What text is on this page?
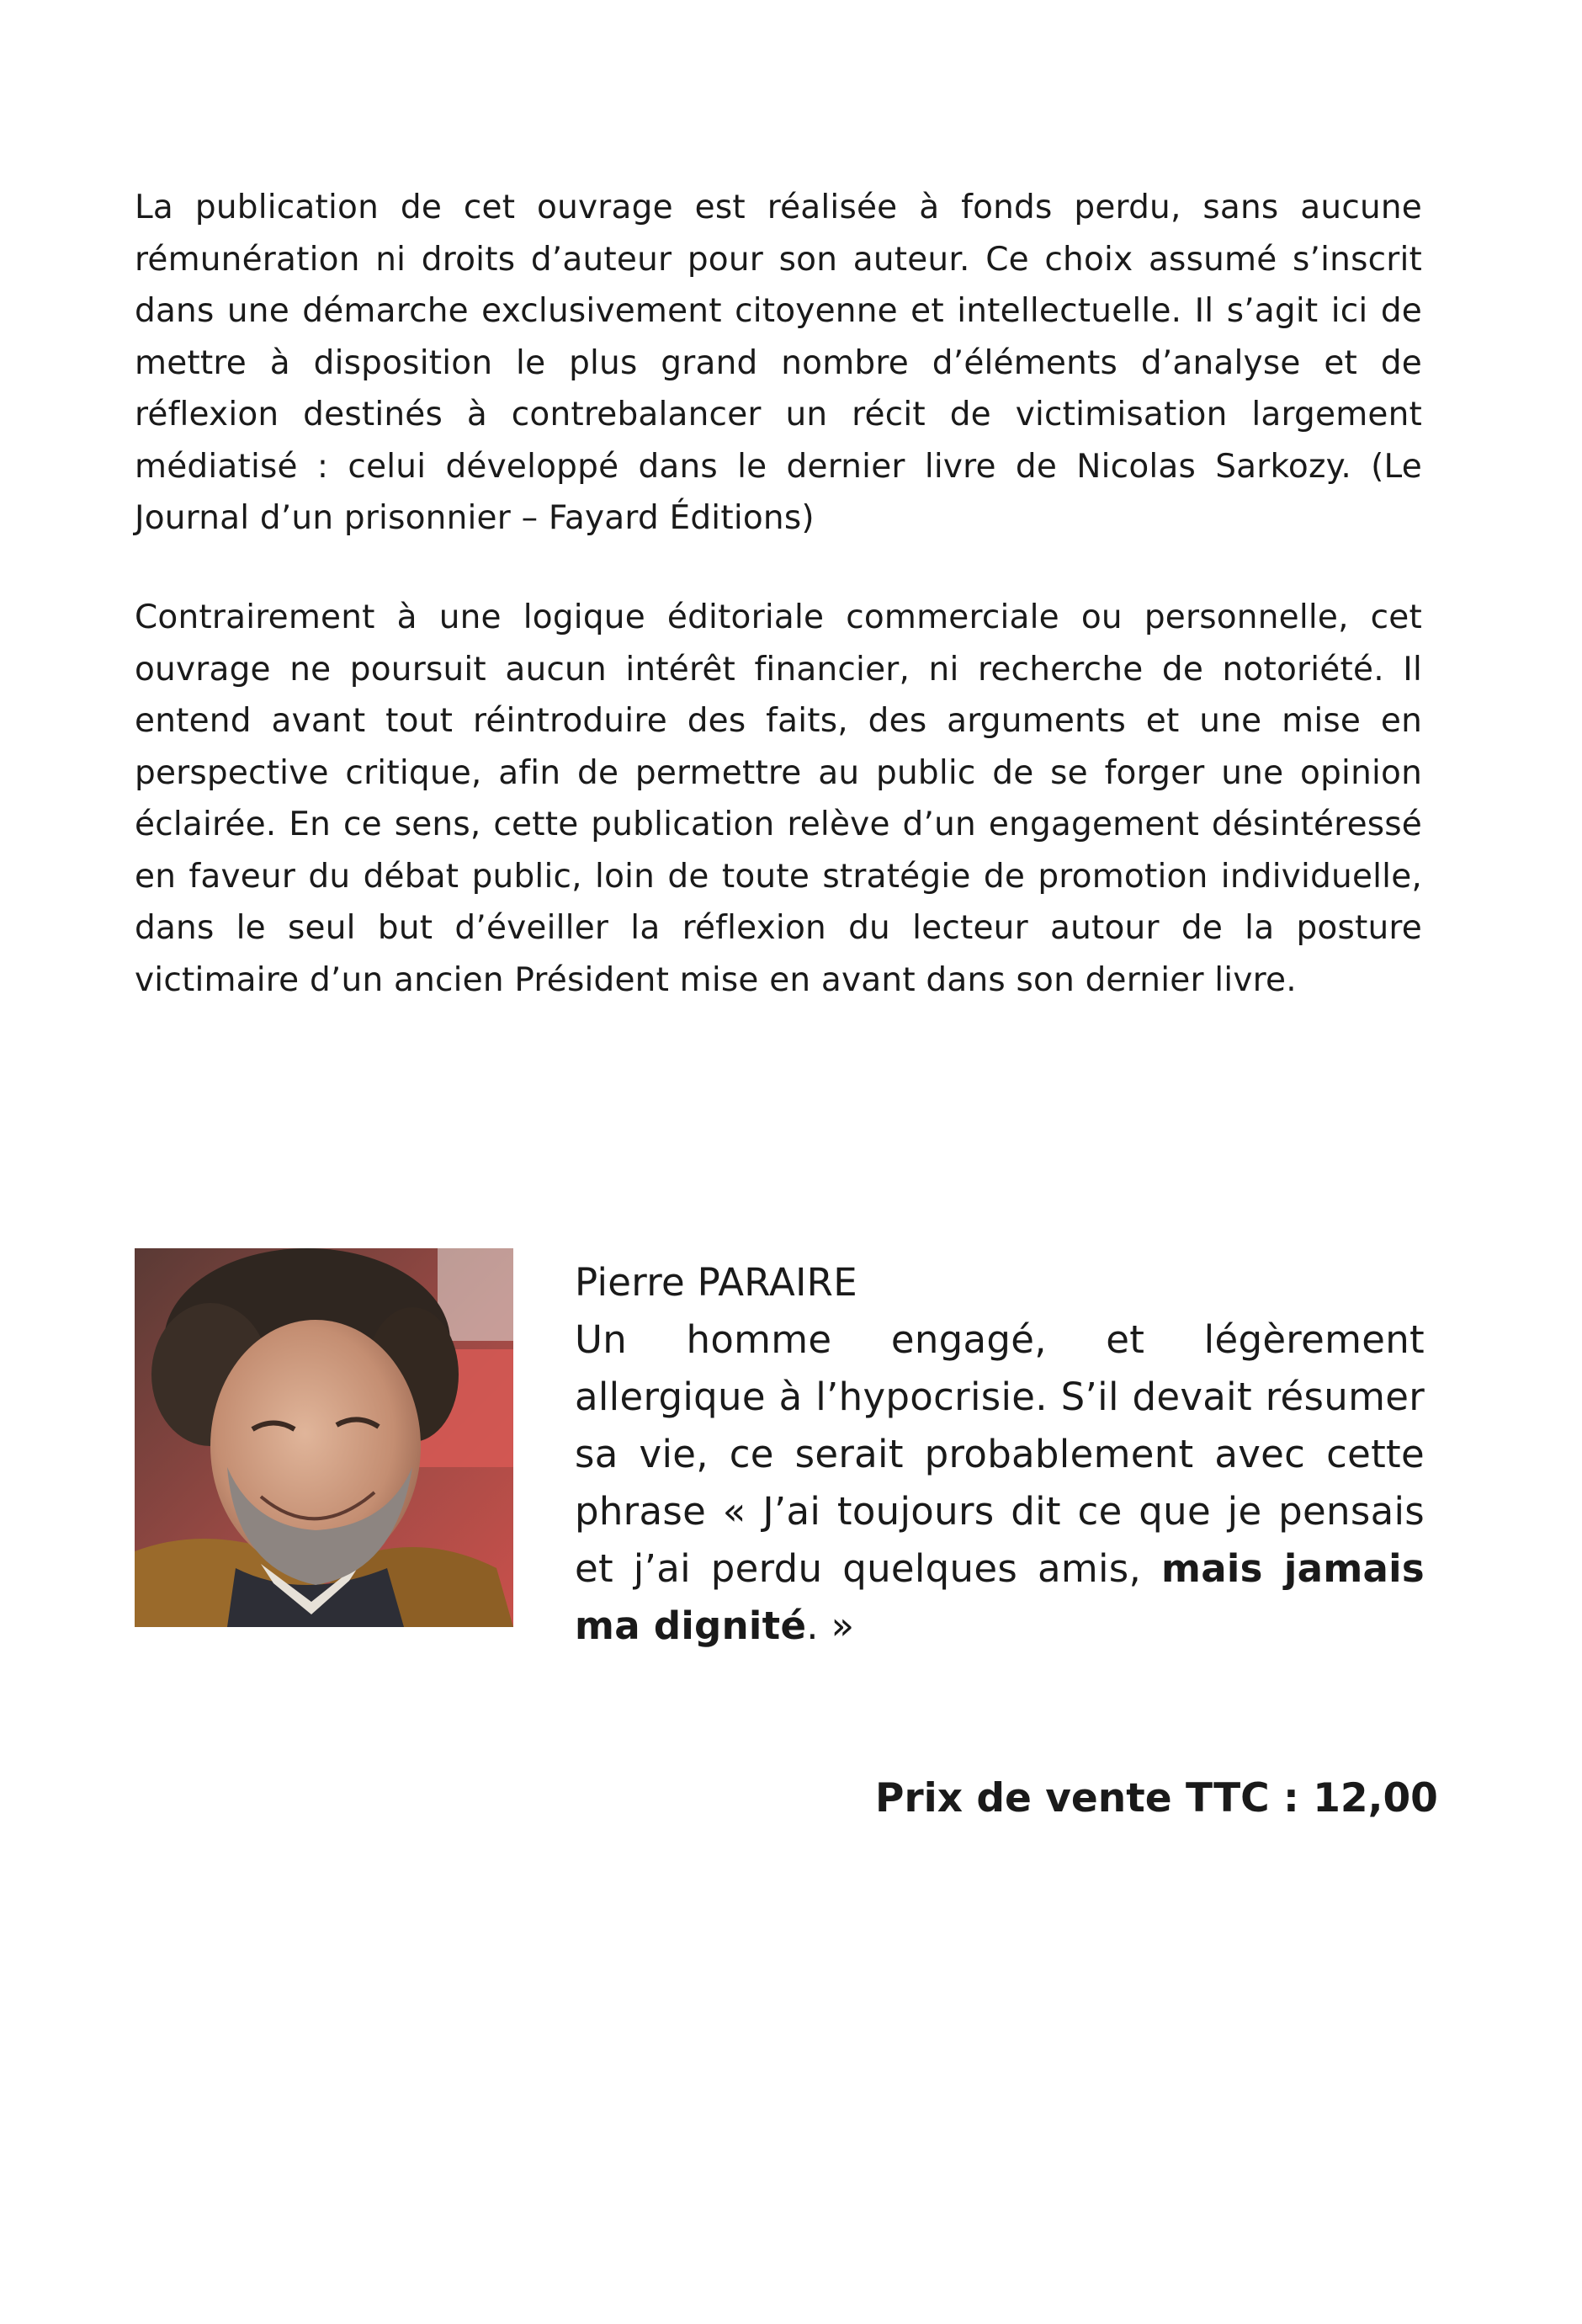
La publication de cet ouvrage est réalisée à fonds perdu, sans aucune rémunération ni droits d’auteur pour son auteur. Ce choix assumé s’inscrit dans une démarche exclusivement citoyenne et intellectuelle. Il s’agit ici de mettre à disposition le plus grand nombre d’éléments d’analyse et de réflexion destinés à contrebalancer un récit de victimisation largement médiatisé : celui développé dans le dernier livre de Nicolas Sarkozy. (Le Journal d’un prisonnier – Fayard Éditions)

Contrairement à une logique éditoriale commerciale ou personnelle, cet ouvrage ne poursuit aucun intérêt financier, ni recherche de notoriété. Il entend avant tout réintroduire des faits, des arguments et une mise en perspective critique, afin de permettre au public de se forger une opinion éclairée. En ce sens, cette publication relève d’un engagement désintéressé en faveur du débat public, loin de toute stratégie de promotion individuelle, dans le seul but d’éveiller la réflexion du lecteur autour de la posture victimaire d’un ancien Président mise en avant dans son dernier livre.

Pierre PARAIRE
Un homme engagé, et légèrement allergique à l’hypocrisie. S’il devait résumer sa vie, ce serait probablement avec cette phrase « J’ai toujours dit ce que je pensais et j’ai perdu quelques amis, mais jamais ma dignité. »
Prix de vente TTC : 12,00
